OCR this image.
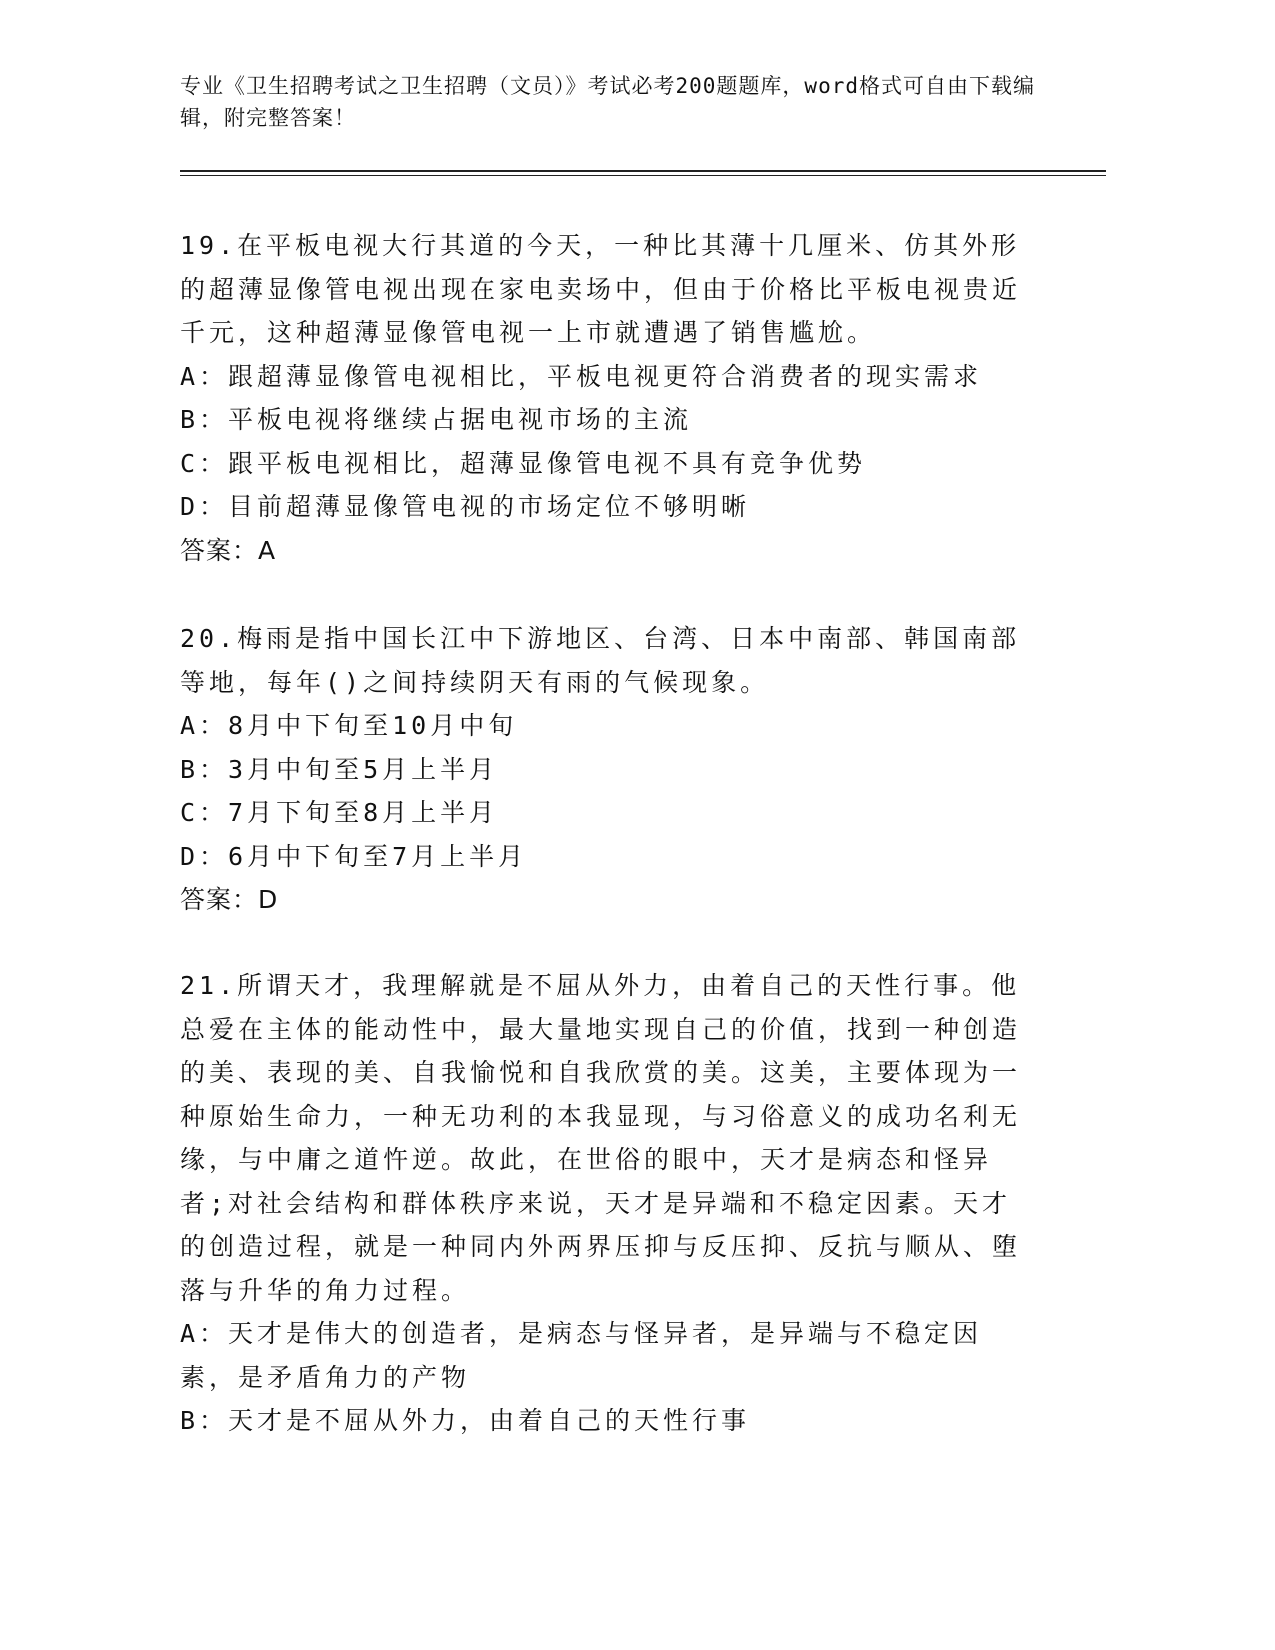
专业《卫生招聘考试之卫生招聘（文员）》考试必考200题题库，word格式可自由下载编辑，附完整答案！

19.在平板电视大行其道的今天，一种比其薄十几厘米、仿其外形的超薄显像管电视出现在家电卖场中，但由于价格比平板电视贵近千元，这种超薄显像管电视一上市就遭遇了销售尴尬。

A：跟超薄显像管电视相比，平板电视更符合消费者的现实需求

B：平板电视将继续占据电视市场的主流

C：跟平板电视相比，超薄显像管电视不具有竞争优势

D：目前超薄显像管电视的市场定位不够明晰

答案：A

20.梅雨是指中国长江中下游地区、台湾、日本中南部、韩国南部等地，每年()之间持续阴天有雨的气候现象。

A：8月中下旬至10月中旬

B：3月中旬至5月上半月

C：7月下旬至8月上半月

D：6月中下旬至7月上半月

答案：D

21.所谓天才，我理解就是不屈从外力，由着自己的天性行事。他总爱在主体的能动性中，最大量地实现自己的价值，找到一种创造的美、表现的美、自我愉悦和自我欣赏的美。这美，主要体现为一种原始生命力，一种无功利的本我显现，与习俗意义的成功名利无缘，与中庸之道忤逆。故此，在世俗的眼中，天才是病态和怪异者;对社会结构和群体秩序来说，天才是异端和不稳定因素。天才的创造过程，就是一种同内外两界压抑与反压抑、反抗与顺从、堕落与升华的角力过程。

A：天才是伟大的创造者，是病态与怪异者，是异端与不稳定因素，是矛盾角力的产物

B：天才是不屈从外力，由着自己的天性行事
